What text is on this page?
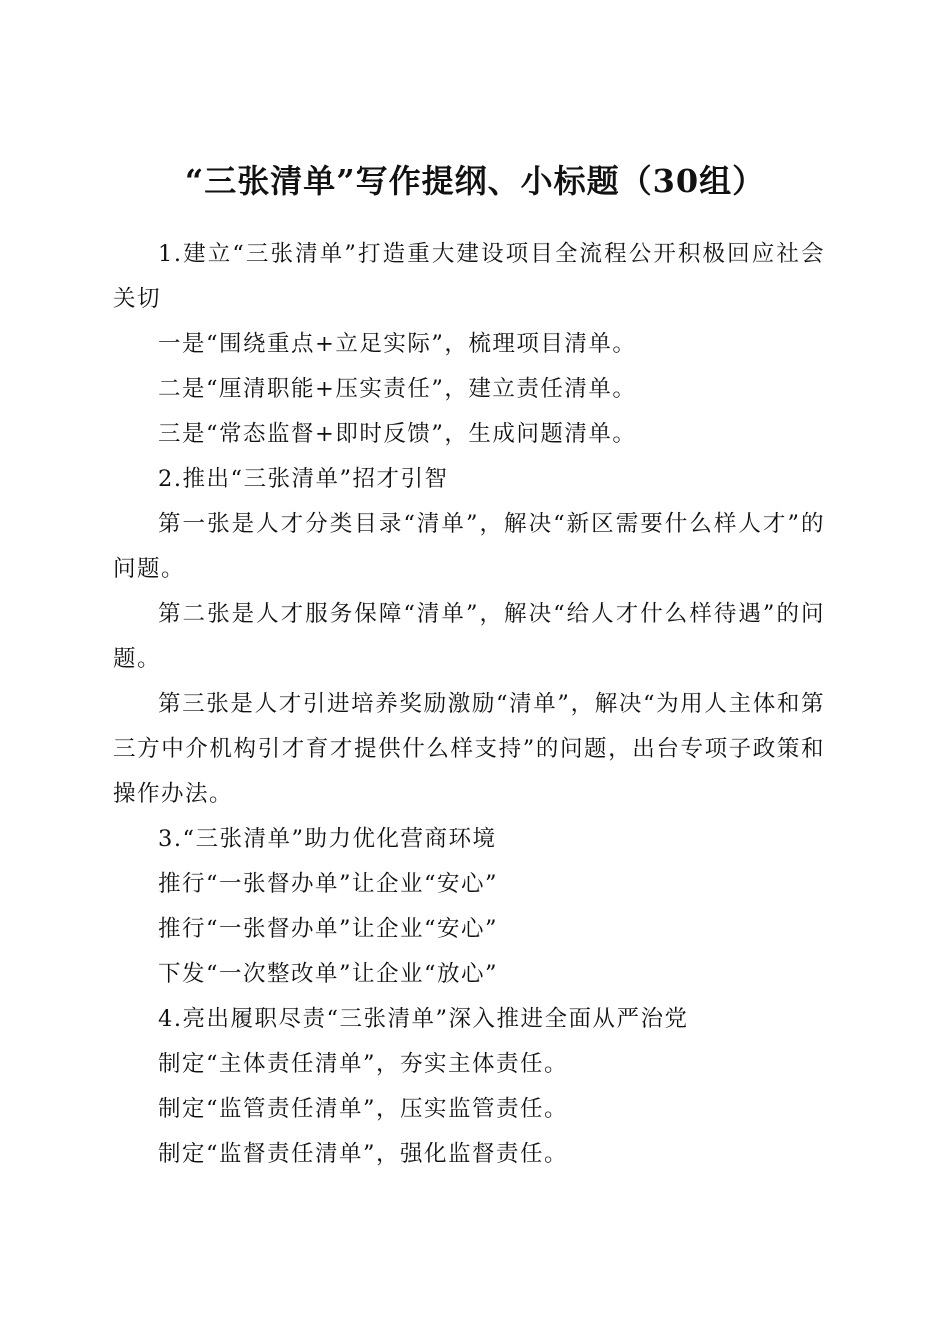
“三张清单”写作提纲、小标题（30组）

1.建立“三张清单”打造重大建设项目全流程公开积极回应社会关切

一是“围绕重点+立足实际”，梳理项目清单。

二是“厘清职能+压实责任”，建立责任清单。

三是“常态监督+即时反馈”，生成问题清单。

2.推出“三张清单”招才引智

第一张是人才分类目录“清单”，解决“新区需要什么样人才”的问题。

第二张是人才服务保障“清单”，解决“给人才什么样待遇”的问题。

第三张是人才引进培养奖励激励“清单”，解决“为用人主体和第三方中介机构引才育才提供什么样支持”的问题，出台专项子政策和操作办法。

3.“三张清单”助力优化营商环境

推行“一张督办单”让企业“安心”

推行“一张督办单”让企业“安心”

下发“一次整改单”让企业“放心”

4.亮出履职尽责“三张清单”深入推进全面从严治党

制定“主体责任清单”，夯实主体责任。

制定“监管责任清单”，压实监管责任。

制定“监督责任清单”，强化监督责任。
